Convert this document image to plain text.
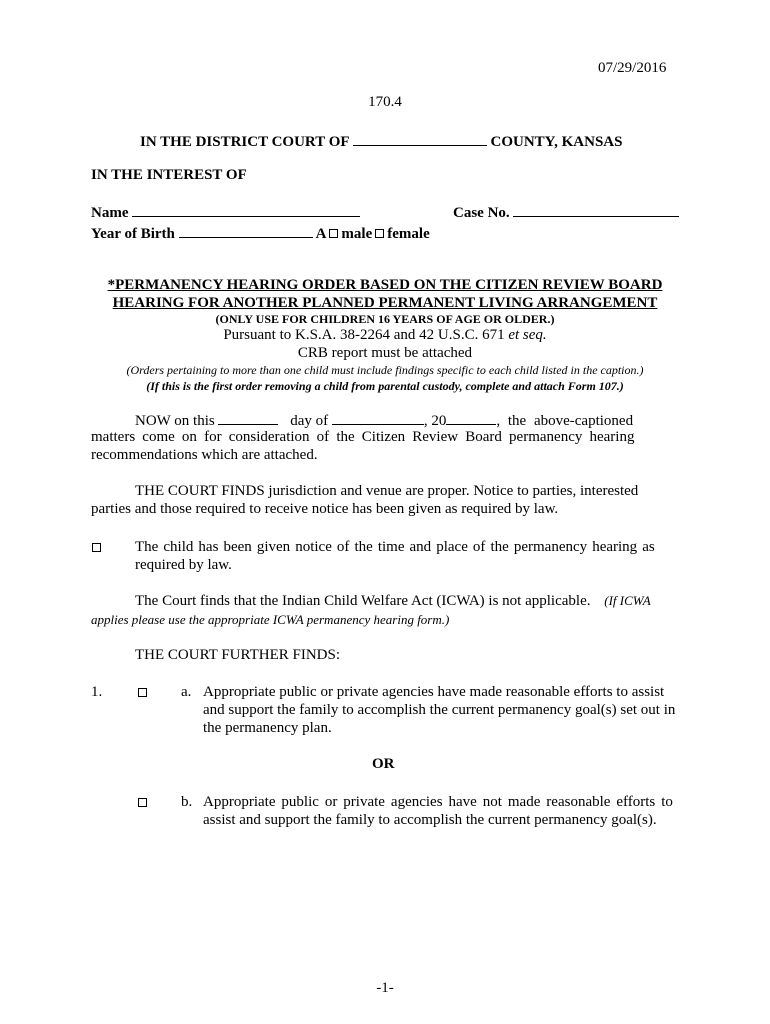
07/29/2016
170.4
IN THE DISTRICT COURT OF	COUNTY, KANSAS
IN THE INTEREST OF
Name	Case No.
Year of Birth	A male female
*PERMANENCY HEARING ORDER BASED ON THE CITIZEN REVIEW BOARD
HEARING FOR ANOTHER PLANNED PERMANENT LIVING ARRANGEMENT
(ONLY USE FOR CHILDREN 16 YEARS OF AGE OR OLDER.)
Pursuant to K.S.A. 38-2264 and 42 U.S.C. 671 et seq.
CRB report must be attached
(Orders pertaining to more than one child must include findings specific to each child listed in the caption.)
(If this is the first order removing a child from parental custody, complete and attach Form 107.)
NOW on this	day of	, 20	, the above-captioned
matters come on for consideration of the Citizen Review Board permanency hearing
recommendations which are attached.
THE COURT FINDS jurisdiction and venue are proper. Notice to parties, interested
parties and those required to receive notice has been given as required by law.
The child has been given notice of the time and place of the permanency hearing as
required by law.
The Court finds that the Indian Child Welfare Act (ICWA) is not applicable. (If ICWA
applies please use the appropriate ICWA permanency hearing form.)
THE COURT FURTHER FINDS:
1.	a. Appropriate public or private agencies have made reasonable efforts to assist
and support the family to accomplish the current permanency goal(s) set out in
the permanency plan.
OR
b. Appropriate public or private agencies have not made reasonable efforts to
assist and support the family to accomplish the current permanency goal(s).
-1-
